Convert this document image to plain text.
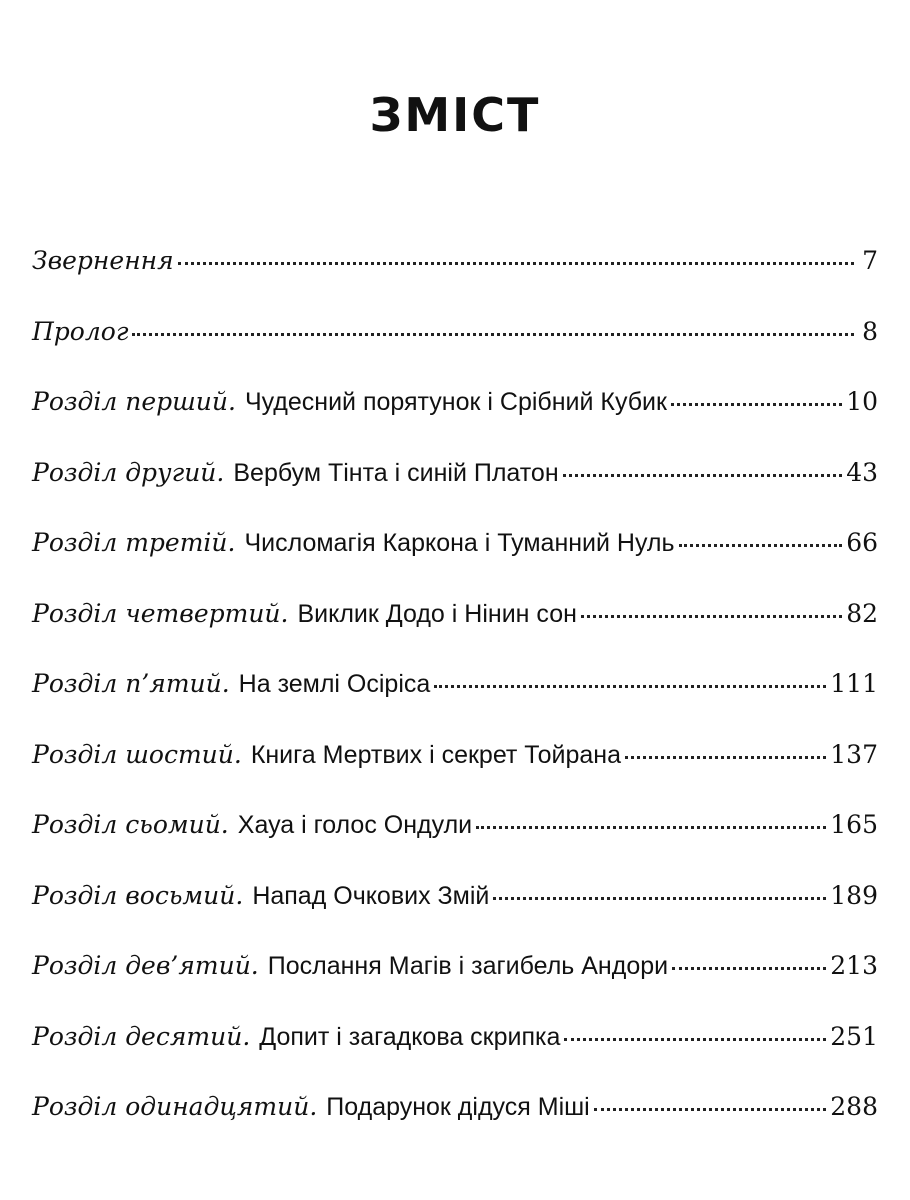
ЗМІСТ
Звернення	7
Пролог	8
Розділ перший. Чудесний порятунок і Срібний Кубик	10
Розділ другий. Вербум Тінта і синій Платон	43
Розділ третій. Числомагія Каркона і Туманний Нуль	66
Розділ четвертий. Виклик Додо і Нінин сон	82
Розділ п’ятий. На землі Осіріса	111
Розділ шостий. Книга Мертвих і секрет Тойрана	137
Розділ сьомий. Хауа і голос Ондули	165
Розділ восьмий. Напад Очкових Змій	189
Розділ дев’ятий. Послання Магів і загибель Андори	213
Розділ десятий. Допит і загадкова скрипка	251
Розділ одинадцятий. Подарунок дідуся Міші	288
